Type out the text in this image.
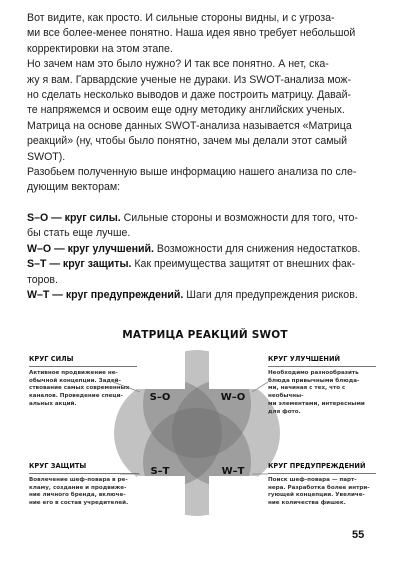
Вот видите, как просто. И сильные стороны видны, и с угроза-
ми все более-менее понятно. Наша идея явно требует небольшой
корректировки на этом этапе.

Но зачем нам это было нужно? И так все понятно. А нет, ска-
жу я вам. Гарвардские ученые не дураки. Из SWOT-анализа мож-
но сделать несколько выводов и даже построить матрицу. Давай-
те напряжемся и освоим еще одну методику английских ученых.
Матрица на основе данных SWOT-анализа называется «Матрица
реакций» (ну, чтобы было понятно, зачем мы делали этот самый
SWOT).

Разобьем полученную выше информацию нашего анализа по сле-
дующим векторам:

S–O — круг силы. Сильные стороны и возможности для того, что-
бы стать еще лучше.

W–O — круг улучшений. Возможности для снижения недостатков.

S–T — круг защиты. Как преимущества защитят от внешних фак-
торов.

W–T — круг предупреждений. Шаги для предупреждения рисков.

МАТРИЦА РЕАКЦИЙ SWOT
S–O	W–O
S–T	W–T
КРУГ СИЛЫ
Активное продвижение не-
обычной концепции. Задей-
ствование самых современных
каналов. Проведение специ-
альных акций.
КРУГ УЛУЧШЕНИЙ
Необходимо разнообразить
блюда привычными блюда-
ми, начиная с тех, что с необычны-
ми элементами, интересными
для фото.
КРУГ ЗАЩИТЫ
Вовлечение шеф-повара в ре-
кламу, создание и продвиже-
ние личного бренда, включе-
ние его в состав учредителей.
КРУГ ПРЕДУПРЕЖДЕНИЙ
Поиск шеф-повара — парт-
нера. Разработка более интри-
гующей концепции. Увеличе-
ние количества фишек.
55
